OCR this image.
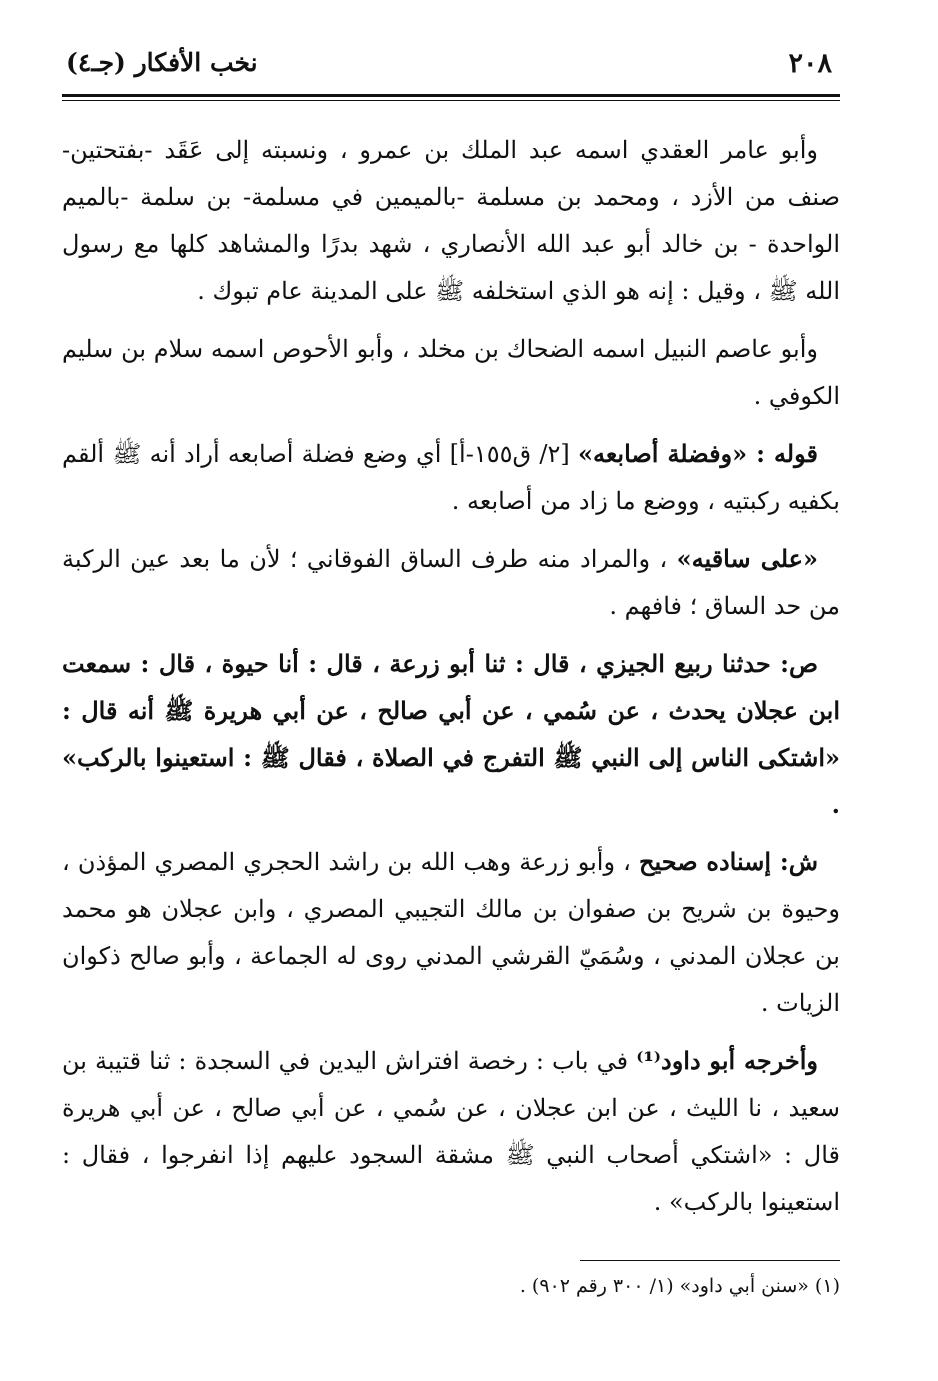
٢٠٨
نخب الأفكار (جـ٤)

وأبو عامر العقدي اسمه عبد الملك بن عمرو ، ونسبته إلى عَقَد -بفتحتين-صنف من الأزد ، ومحمد بن مسلمة -بالميمين في مسلمة- بن سلمة -بالميم الواحدة - بن خالد أبو عبد الله الأنصاري ، شهد بدرًا والمشاهد كلها مع رسول الله ﷺ ، وقيل : إنه هو الذي استخلفه ﷺ على المدينة عام تبوك .

وأبو عاصم النبيل اسمه الضحاك بن مخلد ، وأبو الأحوص اسمه سلام بن سليم الكوفي .

قوله : «وفضلة أصابعه» [٢/ ق١٥٥-أ] أي وضع فضلة أصابعه أراد أنه ﷺ ألقم بكفيه ركبتيه ، ووضع ما زاد من أصابعه .

«على ساقيه» ، والمراد منه طرف الساق الفوقاني ؛ لأن ما بعد عين الركبة من حد الساق ؛ فافهم .

ص: حدثنا ربيع الجيزي ، قال : ثنا أبو زرعة ، قال : أنا حيوة ، قال : سمعت ابن عجلان يحدث ، عن سُمي ، عن أبي صالح ، عن أبي هريرة ﷺ أنه قال : «اشتكى الناس إلى النبي ﷺ التفرج في الصلاة ، فقال ﷺ : استعينوا بالركب» .

ش: إسناده صحيح ، وأبو زرعة وهب الله بن راشد الحجري المصري المؤذن ، وحيوة بن شريح بن صفوان بن مالك التجيبي المصري ، وابن عجلان هو محمد بن عجلان المدني ، وسُمَيّ القرشي المدني روى له الجماعة ، وأبو صالح ذكوان الزيات .

وأخرجه أبو داود⁽¹⁾ في باب : رخصة افتراش اليدين في السجدة : ثنا قتيبة بن سعيد ، نا الليث ، عن ابن عجلان ، عن سُمي ، عن أبي صالح ، عن أبي هريرة قال : «اشتكي أصحاب النبي ﷺ مشقة السجود عليهم إذا انفرجوا ، فقال : استعينوا بالركب» .

(١) «سنن أبي داود» (١/ ٣٠٠ رقم ٩٠٢) .
